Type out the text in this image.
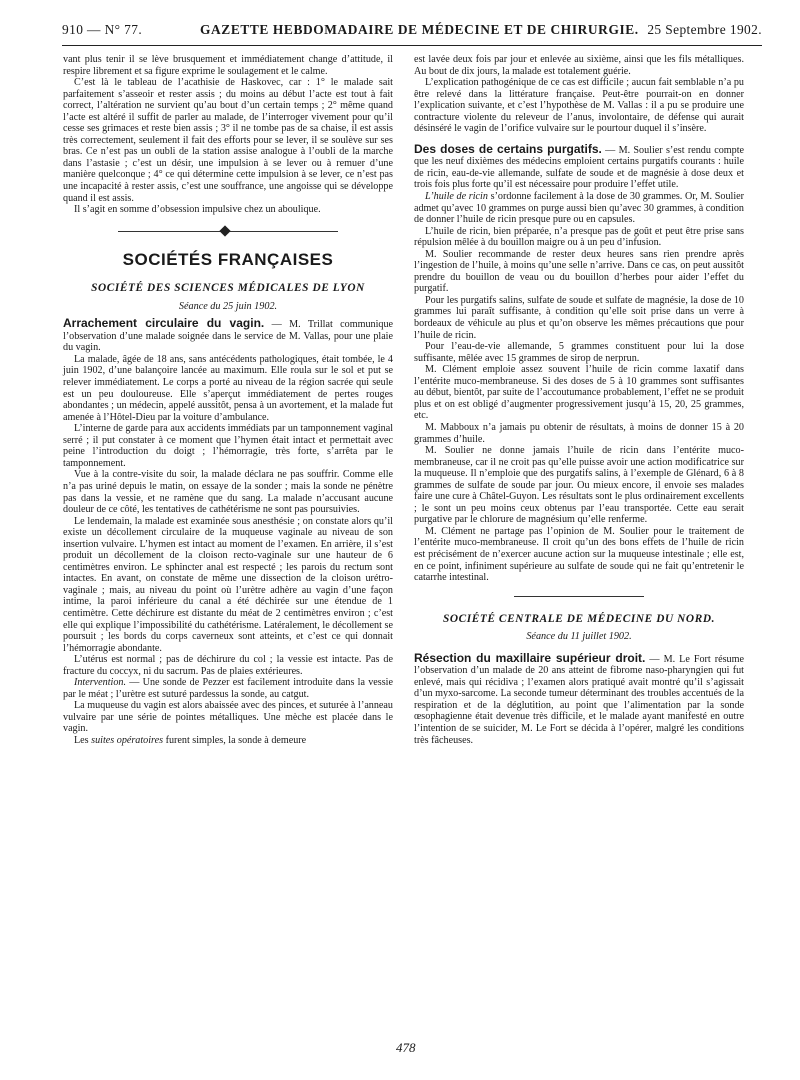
910 — N° 77.	GAZETTE HEBDOMADAIRE DE MÉDECINE ET DE CHIRURGIE. 25 Septembre 1902.

vant plus tenir il se lève brusquement et immédiatement change d’attitude, il respire librement et sa figure exprime le soulagement et le calme.

C’est là le tableau de l’acathisie de Haskovec, car : 1° le malade sait parfaitement s’asseoir et rester assis ; du moins au début l’acte est tout à fait correct, l’altération ne survient qu’au bout d’un certain temps ; 2° même quand l’acte est altéré il suffit de parler au malade, de l’interroger vivement pour qu’il cesse ses grimaces et reste bien assis ; 3° il ne tombe pas de sa chaise, il est assis très correctement, seulement il fait des efforts pour se lever, il se soulève sur ses bras. Ce n’est pas un oubli de la station assise analogue à l’oubli de la marche dans l’astasie ; c’est un désir, une impulsion à se lever ou à remuer d’une manière quelconque ; 4° ce qui détermine cette impulsion à se lever, ce n’est pas une incapacité à rester assis, c’est une souffrance, une angoisse qui se développe quand il est assis.

Il s’agit en somme d’obsession impulsive chez un aboulique.

SOCIÉTÉS FRANÇAISES
SOCIÉTÉ DES SCIENCES MÉDICALES DE LYON
Séance du 25 juin 1902.

Arrachement circulaire du vagin. — M. Trillat communique l’observation d’une malade soignée dans le service de M. Vallas, pour une plaie du vagin.

La malade, âgée de 18 ans, sans antécédents pathologiques, était tombée, le 4 juin 1902, d’une balançoire lancée au maximum. Elle roula sur le sol et put se relever immédiatement. Le corps a porté au niveau de la région sacrée qui seule est un peu douloureuse. Elle s’aperçut immédiatement de pertes rouges abondantes ; un médecin, appelé aussitôt, pensa à un avortement, et la malade fut amenée à l’Hôtel-Dieu par la voiture d’ambulance.

L’interne de garde para aux accidents immédiats par un tamponnement vaginal serré ; il put constater à ce moment que l’hymen était intact et permettait avec peine l’introduction du doigt ; l’hémorragie, très forte, s’arrêta par le tamponnement.

Vue à la contre-visite du soir, la malade déclara ne pas souffrir. Comme elle n’a pas uriné depuis le matin, on essaye de la sonder ; mais la sonde ne pénètre pas dans la vessie, et ne ramène que du sang. La malade n’accusant aucune douleur de ce côté, les tentatives de cathétérisme ne sont pas poursuivies.

Le lendemain, la malade est examinée sous anesthésie ; on constate alors qu’il existe un décollement circulaire de la muqueuse vaginale au niveau de son insertion vulvaire. L’hymen est intact au moment de l’examen. En arrière, il s’est produit un décollement de la cloison recto-vaginale sur une hauteur de 6 centimètres environ. Le sphincter anal est respecté ; les parois du rectum sont intactes. En avant, on constate de même une dissection de la cloison urétro-vaginale ; mais, au niveau du point où l’urètre adhère au vagin d’une façon intime, la paroi inférieure du canal a été déchirée sur une étendue de 1 centimètre. Cette déchirure est distante du méat de 2 centimètres environ ; c’est elle qui explique l’impossibilité du cathétérisme. Latéralement, le décollement se poursuit ; les bords du corps caverneux sont atteints, et c’est ce qui donnait l’hémorragie abondante.

L’utérus est normal ; pas de déchirure du col ; la vessie est intacte. Pas de fracture du coccyx, ni du sacrum. Pas de plaies extérieures.

Intervention. — Une sonde de Pezzer est facilement introduite dans la vessie par le méat ; l’urètre est suturé pardessus la sonde, au catgut.

La muqueuse du vagin est alors abaissée avec des pinces, et suturée à l’anneau vulvaire par une série de pointes métalliques. Une mèche est placée dans le vagin.

Les suites opératoires furent simples, la sonde à demeure

est lavée deux fois par jour et enlevée au sixième, ainsi que les fils métalliques. Au bout de dix jours, la malade est totalement guérie.

L’explication pathogénique de ce cas est difficile ; aucun fait semblable n’a pu être relevé dans la littérature française. Peut-être pourrait-on en donner l’explication suivante, et c’est l’hypothèse de M. Vallas : il a pu se produire une contracture violente du releveur de l’anus, involontaire, de défense qui aurait désinséré le vagin de l’orifice vulvaire sur le pourtour duquel il s’insère.

Des doses de certains purgatifs. — M. Soulier s’est rendu compte que les neuf dixièmes des médecins emploient certains purgatifs courants : huile de ricin, eau-de-vie allemande, sulfate de soude et de magnésie à dose deux et trois fois plus forte qu’il est nécessaire pour produire l’effet utile.

L’huile de ricin s’ordonne facilement à la dose de 30 grammes. Or, M. Soulier admet qu’avec 10 grammes on purge aussi bien qu’avec 30 grammes, à condition de donner l’huile de ricin presque pure ou en capsules.

L’huile de ricin, bien préparée, n’a presque pas de goût et peut être prise sans répulsion mêlée à du bouillon maigre ou à un peu d’infusion.

M. Soulier recommande de rester deux heures sans rien prendre après l’ingestion de l’huile, à moins qu’une selle n’arrive. Dans ce cas, on peut aussitôt prendre du bouillon de veau ou du bouillon d’herbes pour aider l’effet du purgatif.

Pour les purgatifs salins, sulfate de soude et sulfate de magnésie, la dose de 10 grammes lui paraît suffisante, à condition qu’elle soit prise dans un verre à bordeaux de véhicule au plus et qu’on observe les mêmes précautions que pour l’huile de ricin.

Pour l’eau-de-vie allemande, 5 grammes constituent pour lui la dose suffisante, mêlée avec 15 grammes de sirop de nerprun.

M. Clément emploie assez souvent l’huile de ricin comme laxatif dans l’entérite muco-membraneuse. Si des doses de 5 à 10 grammes sont suffisantes au début, bientôt, par suite de l’accoutumance probablement, l’effet ne se produit plus et on est obligé d’augmenter progressivement jusqu’à 15, 20, 25 grammes, etc.

M. Mabboux n’a jamais pu obtenir de résultats, à moins de donner 15 à 20 grammes d’huile.

M. Soulier ne donne jamais l’huile de ricin dans l’entérite muco-membraneuse, car il ne croit pas qu’elle puisse avoir une action modificatrice sur la muqueuse. Il n’emploie que des purgatifs salins, à l’exemple de Glénard, 6 à 8 grammes de sulfate de soude par jour. Ou mieux encore, il envoie ses malades faire une cure à Châtel-Guyon. Les résultats sont le plus ordinairement excellents ; le sont un peu moins ceux obtenus par l’eau transportée. Cette eau serait purgative par le chlorure de magnésium qu’elle renferme.

M. Clément ne partage pas l’opinion de M. Soulier pour le traitement de l’entérite muco-membraneuse. Il croit qu’un des bons effets de l’huile de ricin est précisément de n’exercer aucune action sur la muqueuse intestinale ; elle est, en ce point, infiniment supérieure au sulfate de soude qui ne fait qu’entretenir le catarrhe intestinal.

SOCIÉTÉ CENTRALE DE MÉDECINE DU NORD.
Séance du 11 juillet 1902.

Résection du maxillaire supérieur droit. — M. Le Fort résume l’observation d’un malade de 20 ans atteint de fibrome naso-pharyngien qui fut enlevé, mais qui récidiva ; l’examen alors pratiqué avait montré qu’il s’agissait d’un myxo-sarcome. La seconde tumeur déterminant des troubles accentués de la respiration et de la déglutition, au point que l’alimentation par la sonde œsophagienne était devenue très difficile, et le malade ayant manifesté en outre l’intention de se suicider, M. Le Fort se décida à l’opérer, malgré les conditions très fâcheuses.

478
